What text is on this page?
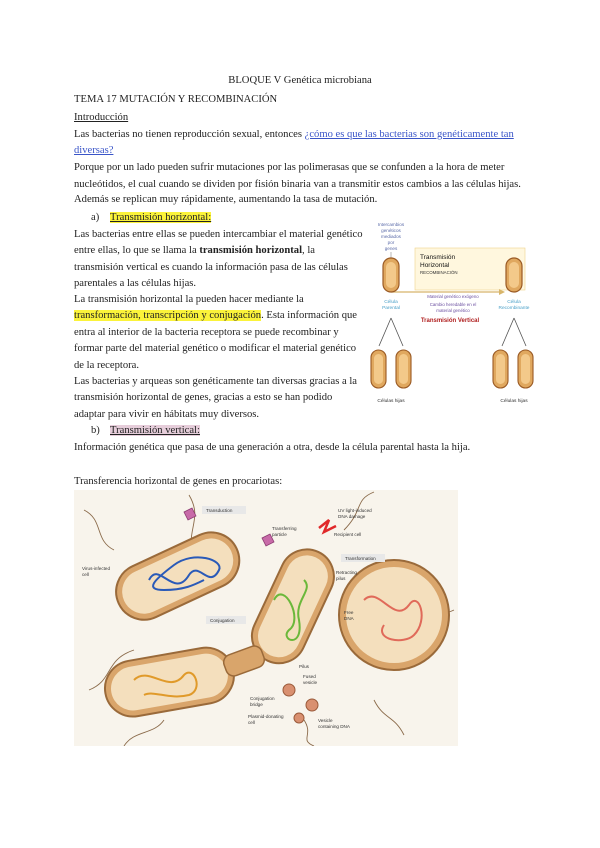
BLOQUE V Genética microbiana
TEMA 17 MUTACIÓN Y RECOMBINACIÓN
Introducción
Las bacterias no tienen reproducción sexual, entonces ¿cómo es que las bacterias son genéticamente tan
diversas?
Porque por un lado pueden sufrir mutaciones por las polimerasas que se confunden a la hora de meter
nucleótidos, el cual cuando se dividen por fisión binaria van a transmitir estos cambios a las células hijas.
Además se replican muy rápidamente, aumentando la tasa de mutación.
a) Transmisión horizontal:
Las bacterias entre ellas se pueden intercambiar el material genético
entre ellas, lo que se llama la transmisión horizontal, la
transmisión vertical es cuando la información pasa de las células
parentales a las células hijas.
La transmisión horizontal la pueden hacer mediante la
transformación, transcripción y conjugación. Esta información que
entra al interior de la bacteria receptora se puede recombinar y
formar parte del material genético o modificar el material genético
de la receptora.
Las bacterias y arqueas son genéticamente tan diversas gracias a la
transmisión horizontal de genes, gracias a esto se han podido
adaptar para vivir en hábitats muy diversos.
b) Transmisión vertical:
Información genética que pasa de una generación a otra, desde la célula parental hasta la hija.
Transferencia horizontal de genes en procariotas:
Intercambios
genéticos
mediados
por
genes
Transmisión
Horizontal
RECOMBINACIÓN
Célula
Parental
Célula
Recombinante
Material genético exógeno
Cambio heredable en el
material genético
Transmisión Vertical
Células hijas	Células hijas
Transduction
Transferring
particle
UV light-induced
DNA damage
Recipient cell
Virus-infected
cell
Transformation
Retracting
pilus
Free
DNA
Conjugation
Pilus
Fused
vesicle
Conjugation
bridge
Plasmid-donating
cell	Vesicle
containing DNA
